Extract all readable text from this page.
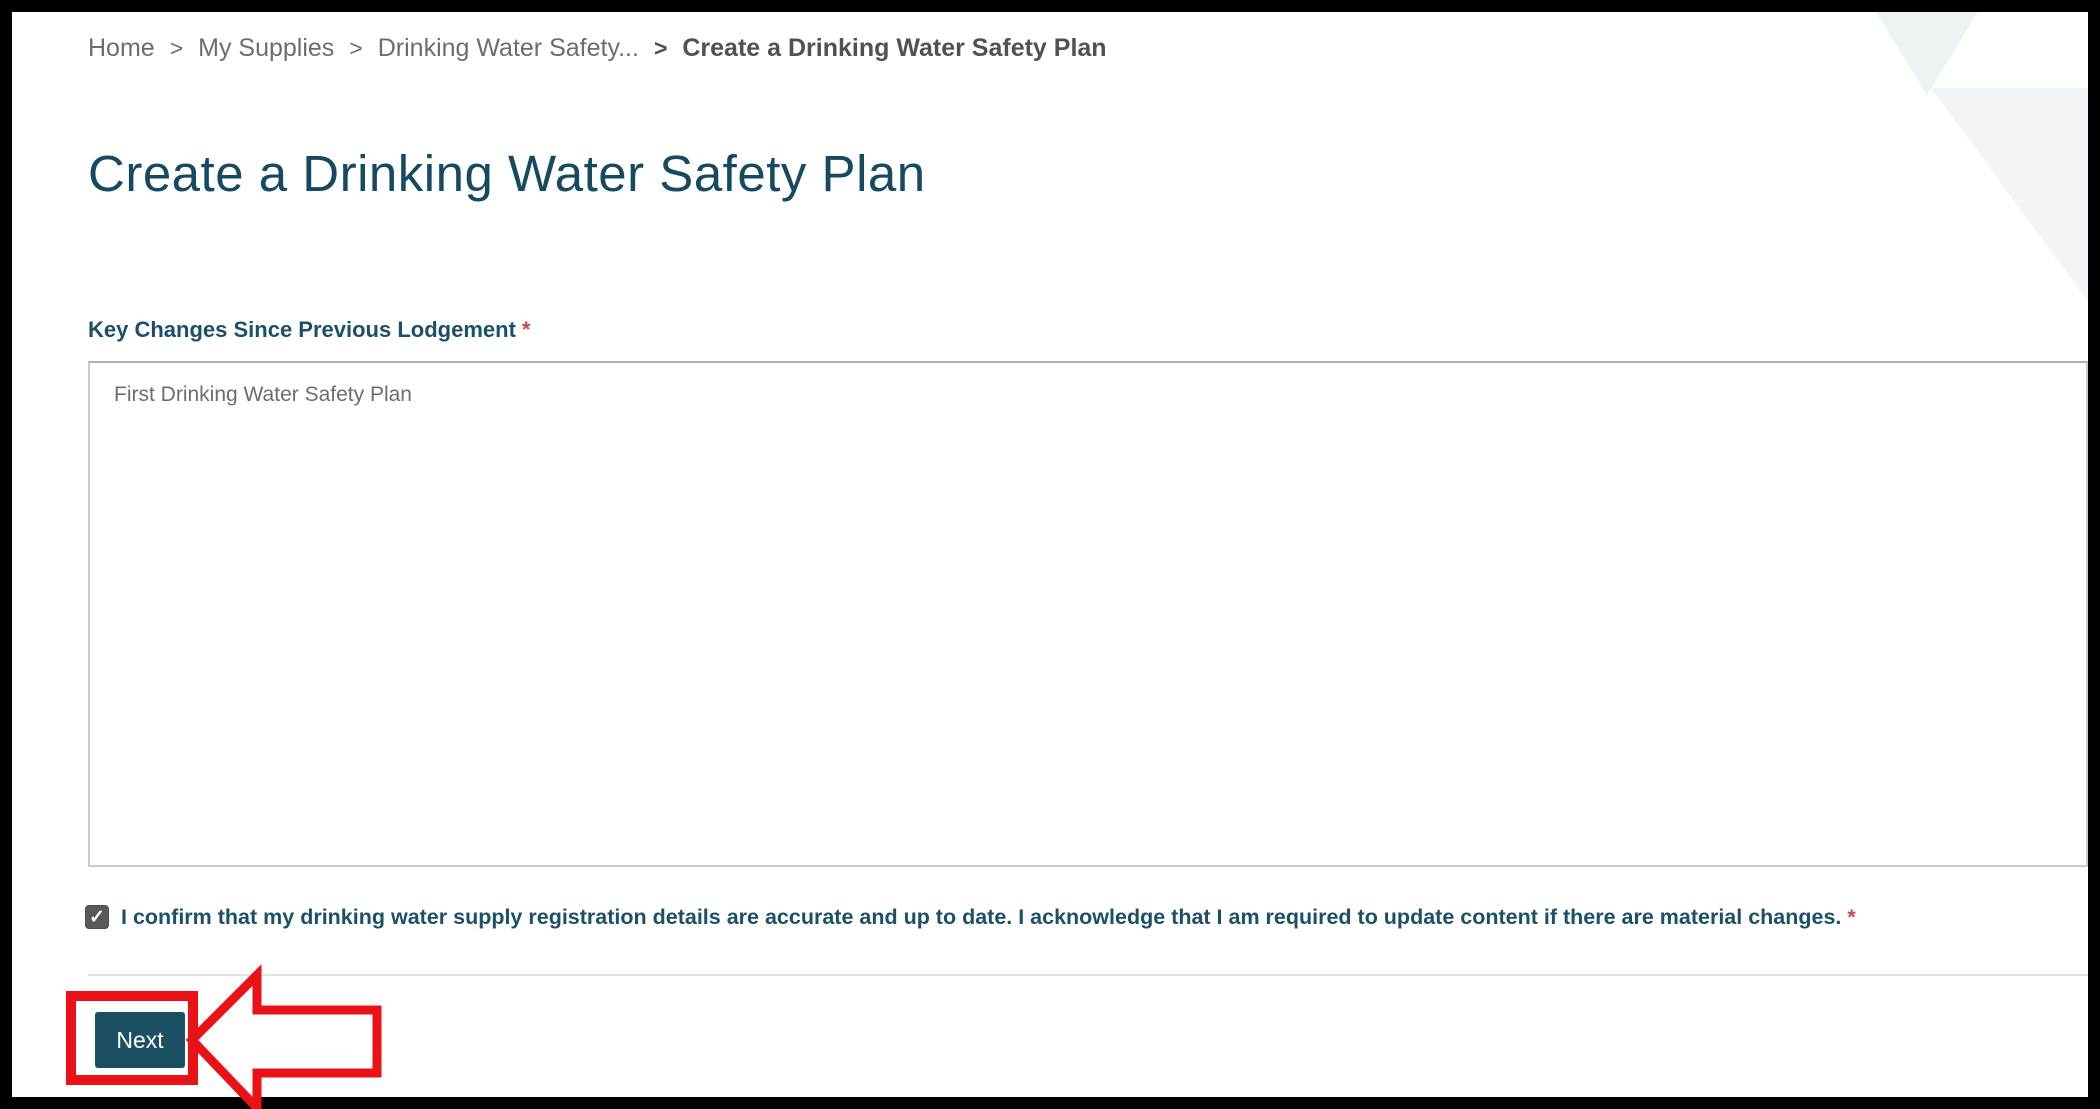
Home > My Supplies > Drinking Water Safety... > Create a Drinking Water Safety Plan
Create a Drinking Water Safety Plan
Key Changes Since Previous Lodgement *
First Drinking Water Safety Plan
✓ I confirm that my drinking water supply registration details are accurate and up to date. I acknowledge that I am required to update content if there are material changes. *
Next
